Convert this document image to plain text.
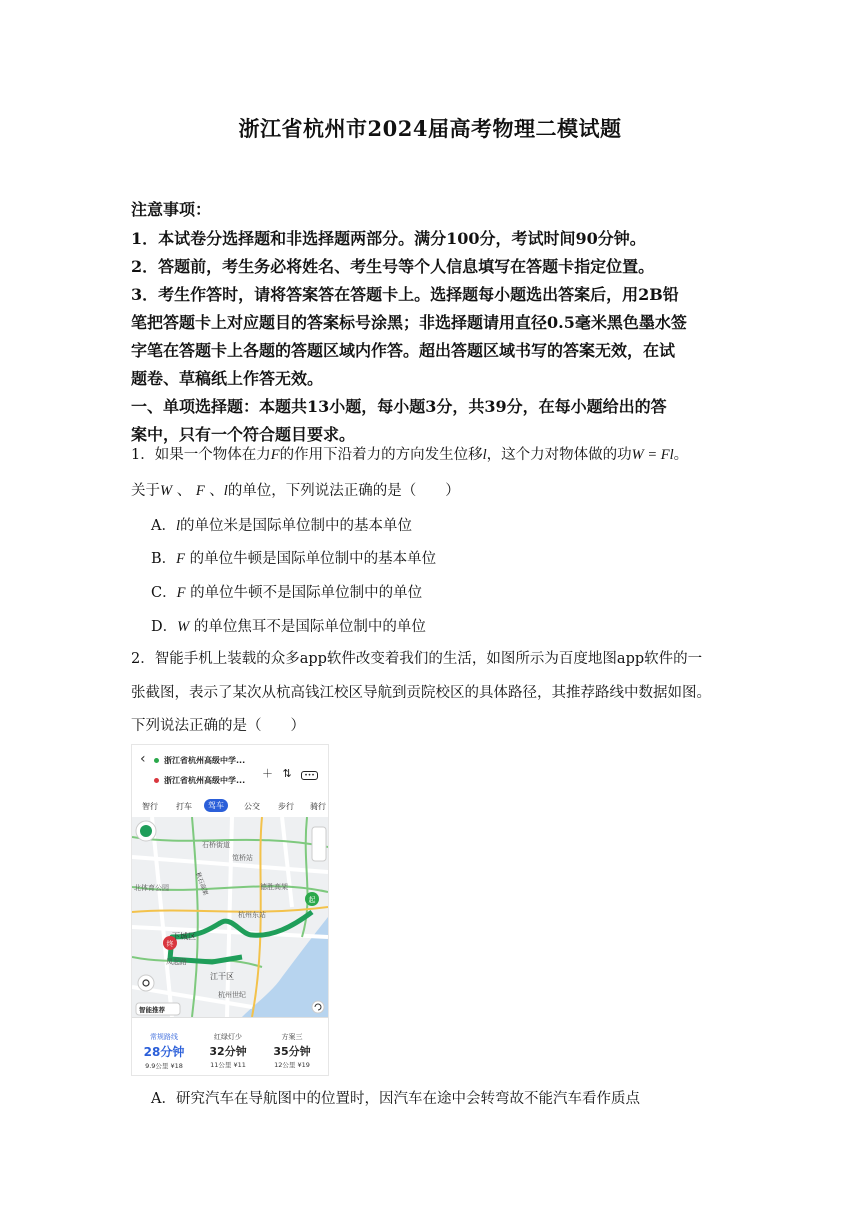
浙江省杭州市2024届高考物理二模试题
注意事项：
1．本试卷分选择题和非选择题两部分。满分100分，考试时间90分钟。
2．答题前，考生务必将姓名、考生号等个人信息填写在答题卡指定位置。
3．考生作答时，请将答案答在答题卡上。选择题每小题选出答案后，用2B铅
笔把答题卡上对应题目的答案标号涂黑；非选择题请用直径0.5毫米黑色墨水签
字笔在答题卡上各题的答题区域内作答。超出答题区域书写的答案无效，在试
题卷、草稿纸上作答无效。
一、单项选择题：本题共13小题，每小题3分，共39分，在每小题给出的答
案中，只有一个符合题目要求。
1．如果一个物体在力F的作用下沿着力的方向发生位移l，这个力对物体做的功W = Fl。
关于W 、 F 、l的单位，下列说法正确的是（　　）
A．l的单位米是国际单位制中的基本单位
B．F 的单位牛顿是国际单位制中的基本单位
C．F 的单位牛顿不是国际单位制中的单位
D．W 的单位焦耳不是国际单位制中的单位
2．智能手机上装载的众多app软件改变着我们的生活，如图所示为百度地图app软件的一
张截图，表示了某次从杭高钱江校区导航到贡院校区的具体路径，其推荐路线中数据如图。
下列说法正确的是（　　）
‹	浙江省杭州高级中学...
浙江省杭州高级中学...
＋ ⇅ •••
智行 打车	驾车	公交 步行 骑行
起
终
石桥街道
笕桥站
北体育公园	德胜高架
杭州东站
下城区
凤起路
江干区
杭州世纪
秋石高架
智能推荐
常规路线
28分钟
9.9公里 ¥18
红绿灯少
32分钟
11公里 ¥11
方案三
35分钟
12公里 ¥19
A．研究汽车在导航图中的位置时，因汽车在途中会转弯故不能汽车看作质点
